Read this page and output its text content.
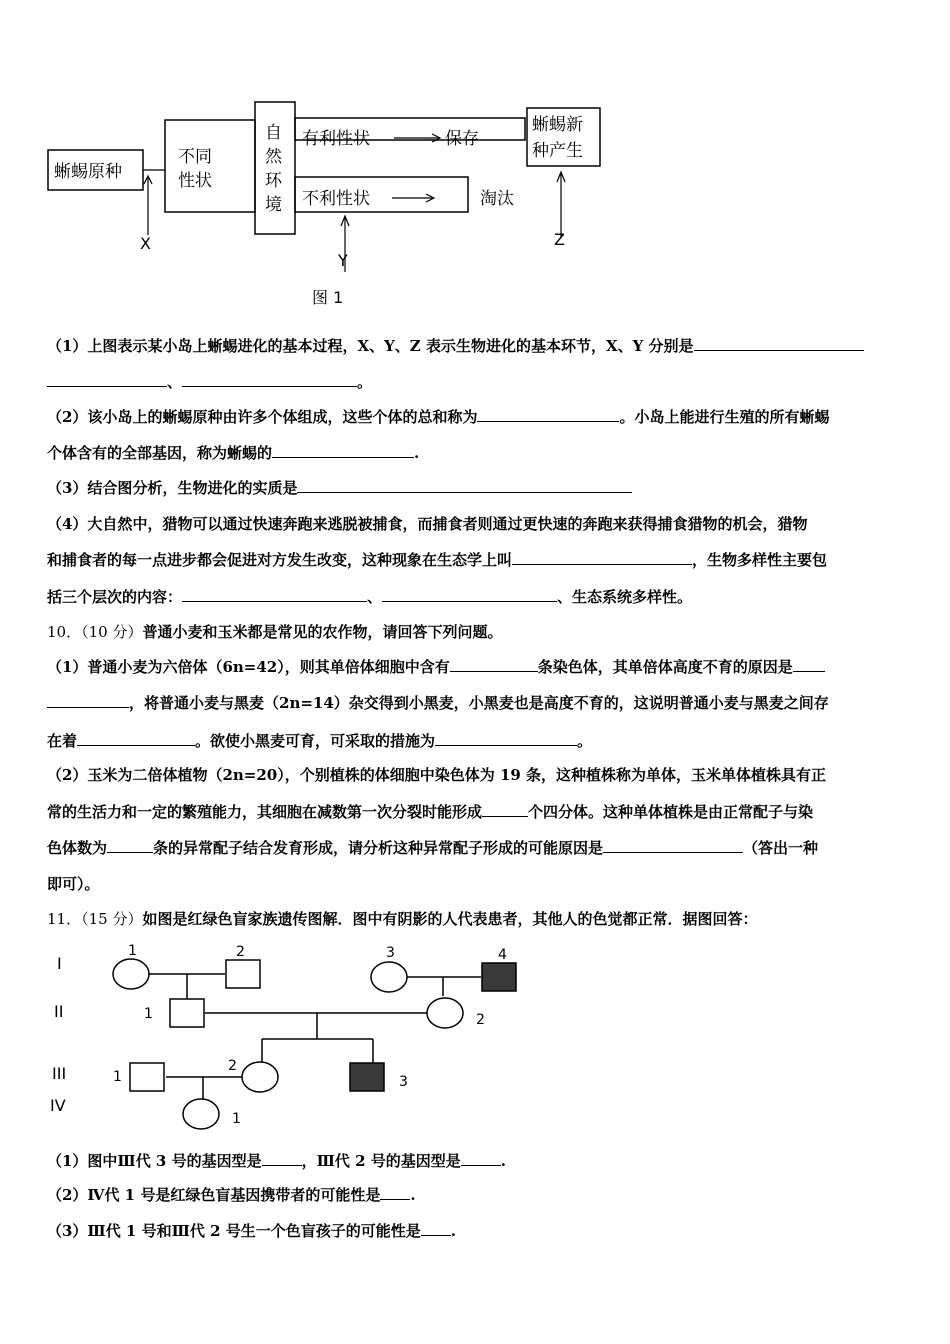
蜥蜴原种
不同
性状
自
然
环
境
有利性状	保存
不利性状	淘汰
蜥蜴新
种产生
X
Y
Z
图 1
（1）上图表示某小岛上蜥蜴进化的基本过程，X、Y、Z 表示生物进化的基本环节，X、Y 分别是
、	。
（2）该小岛上的蜥蜴原种由许多个体组成，这些个体的总和称为	。小岛上能进行生殖的所有蜥蜴
个体含有的全部基因，称为蜥蜴的	.
（3）结合图分析，生物进化的实质是
（4）大自然中，猎物可以通过快速奔跑来逃脱被捕食，而捕食者则通过更快速的奔跑来获得捕食猎物的机会，猎物
和捕食者的每一点进步都会促进对方发生改变，这种现象在生态学上叫	，生物多样性主要包
括三个层次的内容：	、	、生态系统多样性。
10．（10 分）普通小麦和玉米都是常见的农作物，请回答下列问题。
（1）普通小麦为六倍体（6n=42），则其单倍体细胞中含有	条染色体，其单倍体高度不育的原因是
，将普通小麦与黑麦（2n=14）杂交得到小黑麦，小黑麦也是高度不育的，这说明普通小麦与黑麦之间存
在着	。欲使小黑麦可育，可采取的措施为	。
（2）玉米为二倍体植物（2n=20），个别植株的体细胞中染色体为 19 条，这种植株称为单体，玉米单体植株具有正
常的生活力和一定的繁殖能力，其细胞在减数第一次分裂时能形成	个四分体。这种单体植株是由正常配子与染
色体数为	条的异常配子结合发育形成，请分析这种异常配子形成的可能原因是	（答出一种
即可）。
11．（15 分）如图是红绿色盲家族遗传图解．图中有阴影的人代表患者，其他人的色觉都正常．据图回答：
I
II
III
IV
1	2	3	4
1	2
1
2
3
1
（1）图中Ⅲ代 3 号的基因型是	，Ⅲ代 2 号的基因型是	.
（2）Ⅳ代 1 号是红绿色盲基因携带者的可能性是 .
（3）Ⅲ代 1 号和Ⅲ代 2 号生一个色盲孩子的可能性是 .
